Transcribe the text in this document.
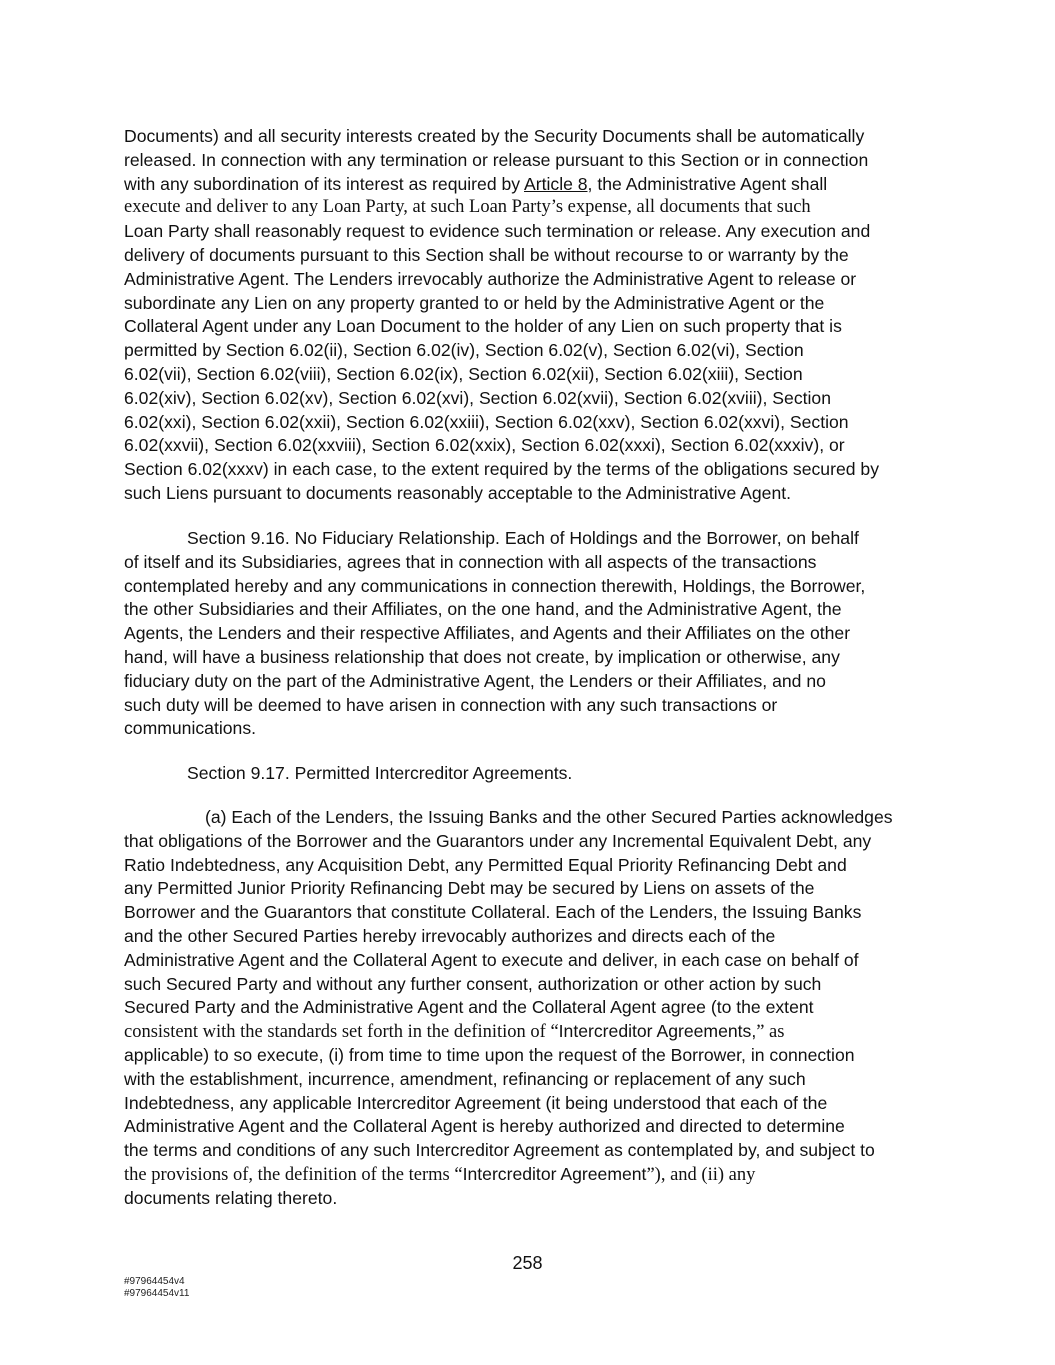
Documents) and all security interests created by the Security Documents shall be automatically
released. In connection with any termination or release pursuant to this Section or in connection
with any subordination of its interest as required by Article 8, the Administrative Agent shall
execute and deliver to any Loan Party, at such Loan Party’s expense, all documents that such
Loan Party shall reasonably request to evidence such termination or release. Any execution and
delivery of documents pursuant to this Section shall be without recourse to or warranty by the
Administrative Agent. The Lenders irrevocably authorize the Administrative Agent to release or
subordinate any Lien on any property granted to or held by the Administrative Agent or the
Collateral Agent under any Loan Document to the holder of any Lien on such property that is
permitted by Section 6.02(ii), Section 6.02(iv), Section 6.02(v), Section 6.02(vi), Section
6.02(vii), Section 6.02(viii), Section 6.02(ix), Section 6.02(xii), Section 6.02(xiii), Section
6.02(xiv), Section 6.02(xv), Section 6.02(xvi), Section 6.02(xvii), Section 6.02(xviii), Section
6.02(xxi), Section 6.02(xxii), Section 6.02(xxiii), Section 6.02(xxv), Section 6.02(xxvi), Section
6.02(xxvii), Section 6.02(xxviii), Section 6.02(xxix), Section 6.02(xxxi), Section 6.02(xxxiv), or
Section 6.02(xxxv) in each case, to the extent required by the terms of the obligations secured by
such Liens pursuant to documents reasonably acceptable to the Administrative Agent.
Section 9.16. No Fiduciary Relationship. Each of Holdings and the Borrower, on behalf
of itself and its Subsidiaries, agrees that in connection with all aspects of the transactions
contemplated hereby and any communications in connection therewith, Holdings, the Borrower,
the other Subsidiaries and their Affiliates, on the one hand, and the Administrative Agent, the
Agents, the Lenders and their respective Affiliates, and Agents and their Affiliates on the other
hand, will have a business relationship that does not create, by implication or otherwise, any
fiduciary duty on the part of the Administrative Agent, the Lenders or their Affiliates, and no
such duty will be deemed to have arisen in connection with any such transactions or
communications.
Section 9.17. Permitted Intercreditor Agreements.
(a) Each of the Lenders, the Issuing Banks and the other Secured Parties acknowledges
that obligations of the Borrower and the Guarantors under any Incremental Equivalent Debt, any
Ratio Indebtedness, any Acquisition Debt, any Permitted Equal Priority Refinancing Debt and
any Permitted Junior Priority Refinancing Debt may be secured by Liens on assets of the
Borrower and the Guarantors that constitute Collateral. Each of the Lenders, the Issuing Banks
and the other Secured Parties hereby irrevocably authorizes and directs each of the
Administrative Agent and the Collateral Agent to execute and deliver, in each case on behalf of
such Secured Party and without any further consent, authorization or other action by such
Secured Party and the Administrative Agent and the Collateral Agent agree (to the extent
consistent with the standards set forth in the definition of “Intercreditor Agreements,” as
applicable) to so execute, (i) from time to time upon the request of the Borrower, in connection
with the establishment, incurrence, amendment, refinancing or replacement of any such
Indebtedness, any applicable Intercreditor Agreement (it being understood that each of the
Administrative Agent and the Collateral Agent is hereby authorized and directed to determine
the terms and conditions of any such Intercreditor Agreement as contemplated by, and subject to
the provisions of, the definition of the terms “Intercreditor Agreement”), and (ii) any
documents relating thereto.
258
#97964454v4
#97964454v11
